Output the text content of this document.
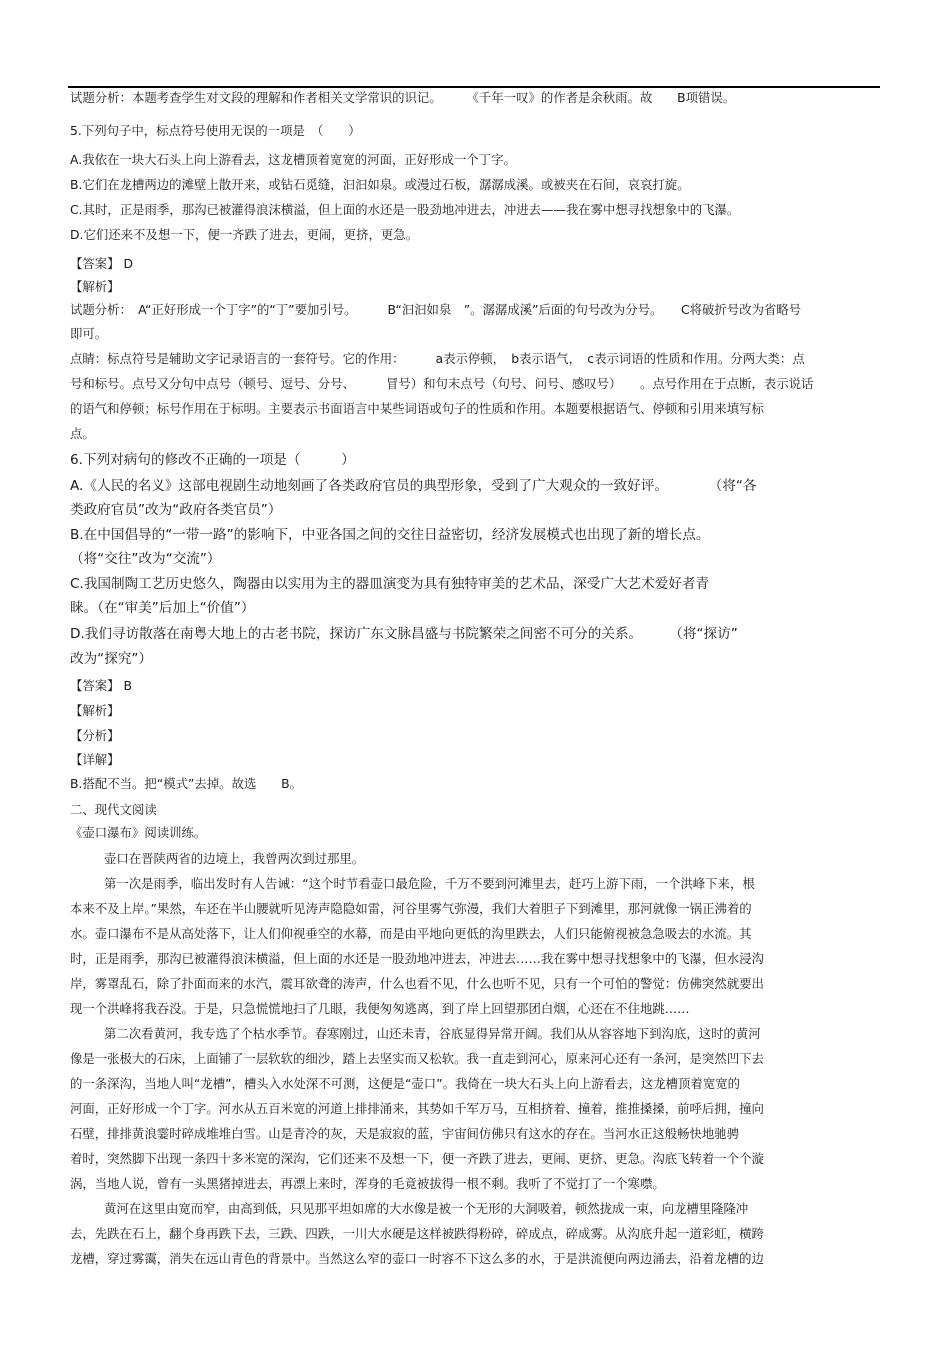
试题分析：本题考查学生对文段的理解和作者相关文学常识的识记。　　　《千年一叹》的作者是余秋雨。故　　B项错误。
5.下列句子中，标点符号使用无误的一项是　（　　）
A.我依在一块大石头上向上游看去，这龙槽顶着宽宽的河面，正好形成一个丁字。
B.它们在龙槽两边的滩壁上散开来，或钻石觅缝，汩汩如泉。或漫过石板，潺潺成溪。或被夹在石间，哀哀打旋。
C.其时，正是雨季，那沟已被灌得浪沫横溢，但上面的水还是一股劲地冲进去，冲进去——我在雾中想寻找想象中的飞瀑。
D.它们还来不及想一下，便一齐跌了进去，更闹，更挤，更急。
【答案】 D
【解析】
试题分析：　A“正好形成一个丁字”的“丁”要加引号。　　　B“汩汩如泉　”。潺潺成溪”后面的句号改为分号。　　C将破折号改为省略号
即可。
点睛：标点符号是辅助文字记录语言的一套符号。它的作用：　　　a表示停顿，　b表示语气，　c表示词语的性质和作用。分两大类：点
号和标号。点号又分句中点号（顿号、逗号、分号、　　　冒号）和句末点号（句号、问号、感叹号）　　。点号作用在于点断，表示说话
的语气和停顿；标号作用在于标明。主要表示书面语言中某些词语或句子的性质和作用。本题要根据语气、停顿和引用来填写标
点。
6.下列对病句的修改不正确的一项是（　　　）
A.《人民的名义》这部电视剧生动地刻画了各类政府官员的典型形象，受到了广大观众的一致好评。　　　　（将“各
类政府官员”改为“政府各类官员”）
B.在中国倡导的“一带一路”的影响下，中亚各国之间的交往日益密切，经济发展模式也出现了新的增长点。
（将“交往”改为“交流”）
C.我国制陶工艺历史悠久，陶器由以实用为主的器皿演变为具有独特审美的艺术品，深受广大艺术爱好者青
睐。（在“审美”后加上“价值”）
D.我们寻访散落在南粤大地上的古老书院，探访广东文脉昌盛与书院繁荣之间密不可分的关系。　　　（将“探访”
改为“探究”）
【答案】 B
【解析】
【分析】
【详解】
B.搭配不当。把“模式”去掉。故选　　B。
二、现代文阅读
《壶口瀑布》阅读训练。
壶口在晋陕两省的边境上，我曾两次到过那里。
第一次是雨季，临出发时有人告诫：“这个时节看壶口最危险，千万不要到河滩里去，赶巧上游下雨，一个洪峰下来，根
本来不及上岸。”果然，车还在半山腰就听见涛声隐隐如雷，河谷里雾气弥漫，我们大着胆子下到滩里，那河就像一锅正沸着的
水。壶口瀑布不是从高处落下，让人们仰视垂空的水幕，而是由平地向更低的沟里跌去，人们只能俯视被急急吸去的水流。其
时，正是雨季，那沟已被灌得浪沫横溢，但上面的水还是一股劲地冲进去，冲进去……我在雾中想寻找想象中的飞瀑，但水浸沟
岸，雾罩乱石，除了扑面而来的水汽，震耳欲聋的涛声，什么也看不见，什么也听不见，只有一个可怕的警觉：仿佛突然就要出
现一个洪峰将我吞没。于是，只急慌慌地扫了几眼，我便匆匆逃离，到了岸上回望那团白烟，心还在不住地跳……
第二次看黄河，我专选了个枯水季节。春寒刚过，山还未青，谷底显得异常开阔。我们从从容容地下到沟底，这时的黄河
像是一张极大的石床，上面铺了一层软软的细沙，踏上去坚实而又松软。我一直走到河心，原来河心还有一条河，是突然凹下去
的一条深沟，当地人叫“龙槽”，槽头入水处深不可测，这便是“壶口”。我倚在一块大石头上向上游看去，这龙槽顶着宽宽的
河面，正好形成一个丁字。河水从五百米宽的河道上排排涌来，其势如千军万马，互相挤着、撞着，推推搡搡，前呼后拥，撞向
石壁，排排黄浪霎时碎成堆堆白雪。山是青冷的灰，天是寂寂的蓝，宇宙间仿佛只有这水的存在。当河水正这般畅快地驰骋
着时，突然脚下出现一条四十多米宽的深沟，它们还来不及想一下，便一齐跌了进去，更闹、更挤、更急。沟底飞转着一个个漩
涡，当地人说，曾有一头黑猪掉进去，再漂上来时，浑身的毛竟被拔得一根不剩。我听了不觉打了一个寒噤。
黄河在这里由宽而窄，由高到低，只见那平坦如席的大水像是被一个无形的大洞吸着，顿然拢成一束，向龙槽里隆隆冲
去，先跌在石上，翻个身再跌下去，三跌、四跌，一川大水硬是这样被跌得粉碎，碎成点，碎成雾。从沟底升起一道彩虹，横跨
龙槽，穿过雾霭，消失在远山青色的背景中。当然这么窄的壶口一时容不下这么多的水，于是洪流便向两边涌去，沿着龙槽的边
